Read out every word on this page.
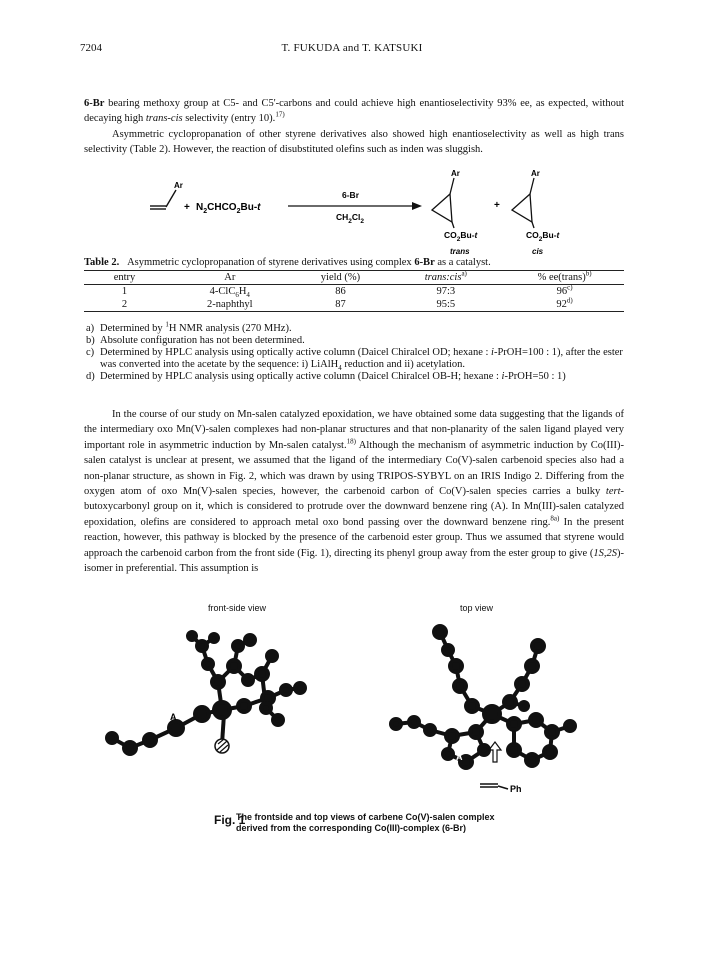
7204	T. FUKUDA and T. KATSUKI

6-Br bearing methoxy group at C5- and C5'-carbons and could achieve high enantioselectivity 93% ee, as expected, without decaying high trans-cis selectivity (entry 10).$^{17)}$

Asymmetric cyclopropanation of other styrene derivatives also showed high enantioselectivity as well as high trans selectivity (Table 2). However, the reaction of disubstituted olefins such as inden was sluggish.

Ar
+ $N_2CHCO_2Bu-t$
6-Br
$CH_2Cl_2$
Ar
$CO_2Bu-t$
trans
+
Ar
$CO_2Bu-t$
cis
Table 2. Asymmetric cyclopropanation of styrene derivatives using complex 6-Br as a catalyst.
entry	Ar	yield (%)	trans:cis$^{a)}$	% ee(trans)$^{b)}$
1	$4-ClC_6H_4$	86	97:3	96$^{c)}$
2	2-naphthyl	87	95:5	92$^{d)}$
a) Determined by $^1$H NMR analysis (270 MHz).
b) Absolute configuration has not been determined.
c) Determined by HPLC analysis using optically active column (Daicel Chiralcel OD; hexane : i-PrOH=100 : 1), after the ester was converted into the acetate by the sequence: i) LiAlH$_4$ reduction and ii) acetylation.
d) Determined by HPLC analysis using optically active column (Daicel Chiralcel OB-H; hexane : i-PrOH=50 : 1)

In the course of our study on Mn-salen catalyzed epoxidation, we have obtained some data suggesting that the ligands of the intermediary oxo Mn(V)-salen complexes had non-planar structures and that non-planarity of the salen ligand played very important role in asymmetric induction by Mn-salen catalyst.$^{18)}$ Although the mechanism of asymmetric induction by Co(III)-salen catalyst is unclear at present, we assumed that the ligand of the intermediary Co(V)-salen carbenoid species also had a non-planar structure, as shown in Fig. 2, which was drawn by using TRIPOS-SYBYL on an IRIS Indigo 2. Differing from the oxygen atom of oxo Mn(V)-salen species, however, the carbenoid carbon of Co(V)-salen species carries a bulky tert-butoxycarbonyl group on it, which is considered to protrude over the downward benzene ring (A). In Mn(III)-salen catalyzed epoxidation, olefins are considered to approach metal oxo bond passing over the downward benzene ring.$^{8a)}$ In the present reaction, however, this pathway is blocked by the presence of the carbenoid ester group. Thus we assumed that styrene would approach the carbenoid carbon from the front side (Fig. 1), directing its phenyl group away from the ester group to give (1S,2S)-isomer in preferential. This assumption is

front-side view	top view
A
A
Ph
Fig. 1
The frontside and top views of carbene Co(V)-salen complex
derived from the corresponding Co(III)-complex (6-Br)
